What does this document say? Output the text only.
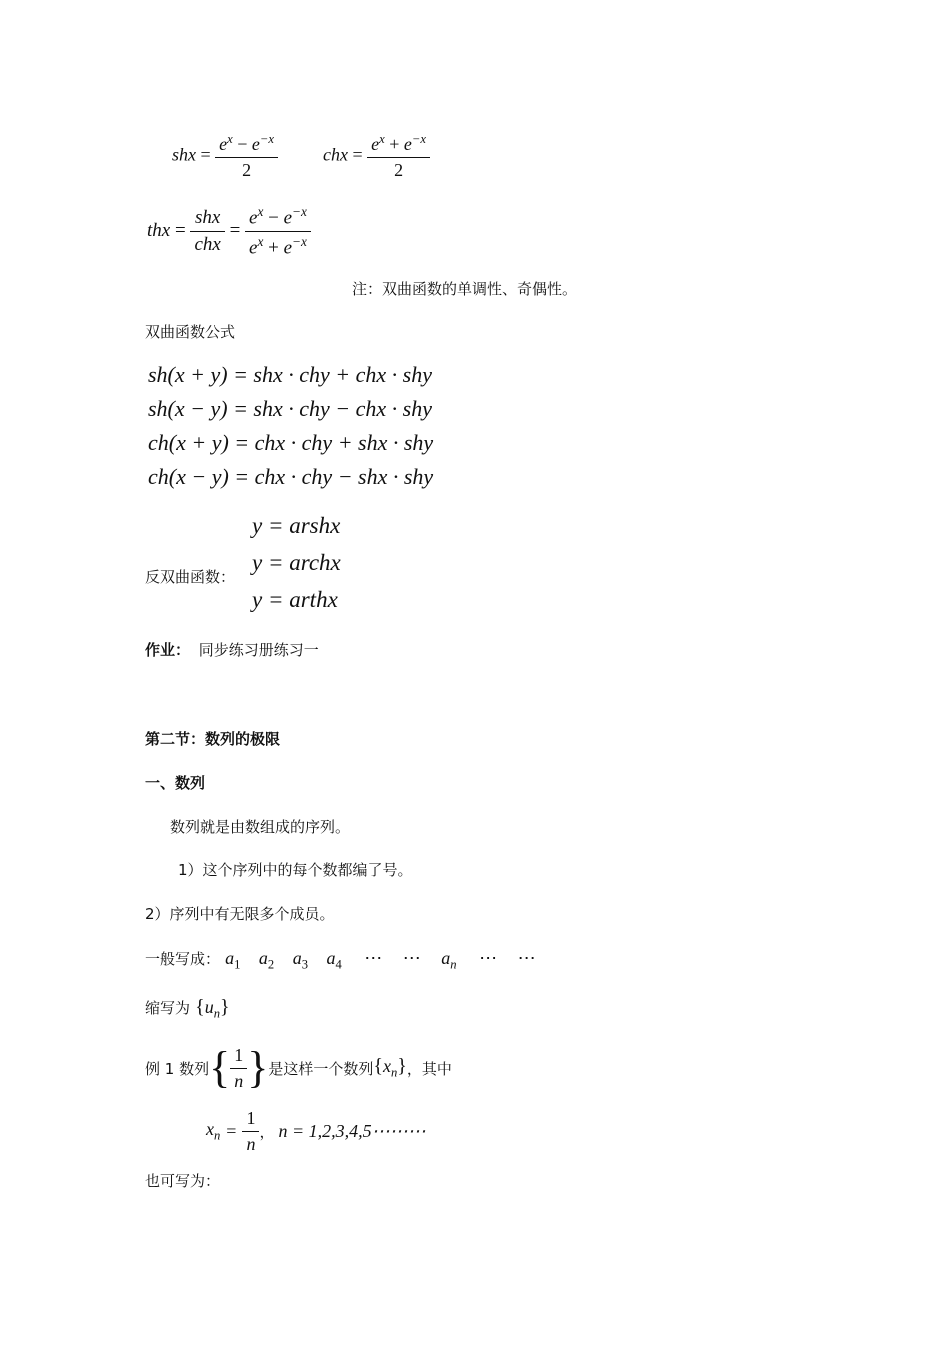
shx = $\frac{e^x - e^{-x}}{2}$	chx = $\frac{e^x + e^{-x}}{2}$
thx = $\frac{\text{shx}}{\text{chx}} = \frac{e^x - e^{-x}}{e^x + e^{-x}}$
注：双曲函数的单调性、奇偶性。
双曲函数公式
sh(x + y) = shx · chy + chx · shy
sh(x − y) = shx · chy − chx · shy
ch(x + y) = chx · chy + shx · shy
ch(x − y) = chx · chy − shx · shy
y = arshx
反双曲函数：
y = archx
y = arthx
作业： 同步练习册练习一
第二节：数列的极限
一、数列
数列就是由数组成的序列。
1）这个序列中的每个数都编了号。
2）序列中有无限多个成员。
一般写成： $a_1$ $a_2$ $a_3$ $a_4$ ⋯ ⋯ $a_n$ ⋯ ⋯
缩写为 $\{u_n\}$
例 1 数列 { $\frac{1}{n}$ } 是这样一个数列 $\{x_n\}$ ，其中
$x_n = \frac{1}{n}$ ， n = 1,2,3,4,5⋯⋯⋯
也可写为：
